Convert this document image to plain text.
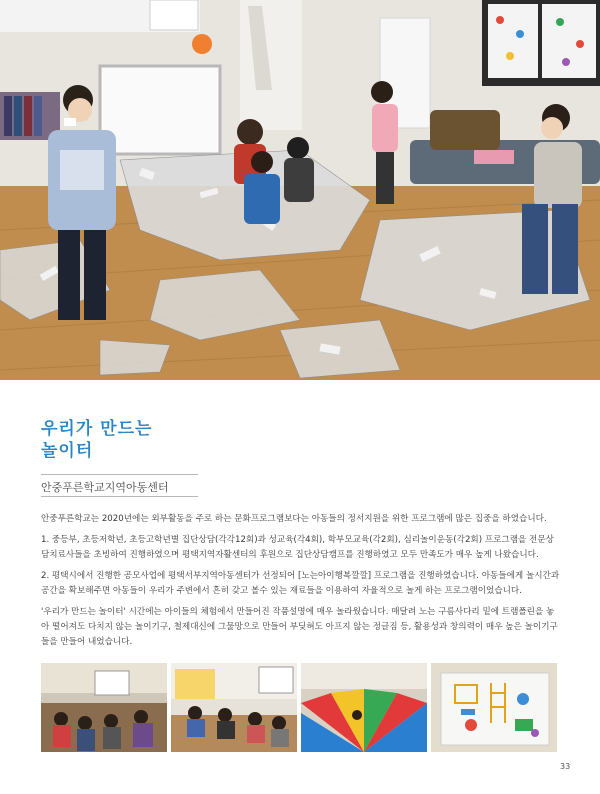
우리가 만드는
놀이터
안중푸른학교지역아동센터

안중푸른학교는 2020년에는 외부활동을 주로 하는 문화프로그램보다는 아동들의 정서지원을 위한 프로그램에 많은 집중을 하였습니다.

1. 중등부, 초등저학년, 초등고학년별 집단상담(각각12회)과 성교육(각4회), 학부모교육(각2회), 심리놀이운동(각2회) 프로그램을 전문상담치료사들을 초빙하여 진행하였으며 평택지역자활센터의 후원으로 집단상담캠프를 진행하였고 모두 만족도가 매우 높게 나왔습니다.

2. 평택시에서 진행한 공모사업에 평택서부지역아동센터가 선정되어 [노는아이행복깔깔] 프로그램을 진행하였습니다. 아동들에게 놀시간과 공간을 확보해주면 아동들이 우리가 주변에서 흔히 갖고 볼수 있는 재료들을 이용하여 자율적으로 놀게 하는 프로그램이었습니다.

'우리가 만드는 놀이터' 시간에는 아이들의 체험에서 만들어진 작품설명에 매우 놀라웠습니다. 매달려 노는 구름사다리 밑에 트램폴린을 놓아 떨어져도 다치지 않는 놀이기구, 철제대신에 그물망으로 만들어 부딪혀도 아프지 않는 정글짐 등, 활용성과 창의력이 매우 높은 놀이기구들을 만들어 내었습니다.

33
